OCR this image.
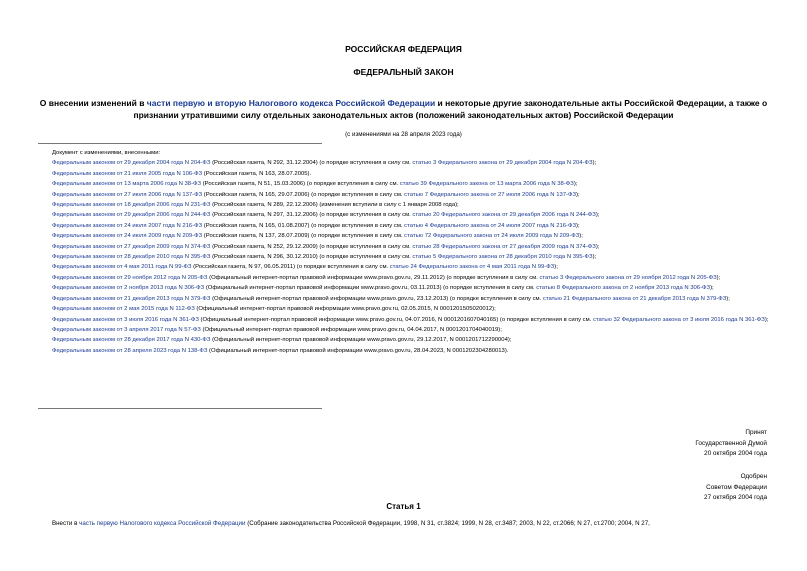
РОССИЙСКАЯ ФЕДЕРАЦИЯ
ФЕДЕРАЛЬНЫЙ ЗАКОН
О внесении изменений в части первую и вторую Налогового кодекса Российской Федерации и некоторые другие законодательные акты Российской Федерации, а также о признании утратившими силу отдельных законодательных актов (положений законодательных актов) Российской Федерации
(с изменениями на 28 апреля 2023 года)
Документ с изменениями, внесенными:
Федеральным законом от 29 декабря 2004 года N 204-ФЗ (Российская газета, N 292, 31.12.2004) (о порядке вступления в силу см. статью 3 Федерального закона от 29 декабря 2004 года N 204-ФЗ);
Федеральным законом от 21 июля 2005 года N 106-ФЗ (Российская газета, N 163, 28.07.2005).
Федеральным законом от 13 марта 2006 года N 38-ФЗ (Российская газета, N 51, 15.03.2006) (о порядке вступления в силу см. статью 39 Федерального закона от 13 марта 2006 года N 38-ФЗ);
Федеральным законом от 27 июля 2006 года N 137-ФЗ (Российская газета, N 165, 29.07.2006) (о порядке вступления в силу см. статью 7 Федерального закона от 27 июля 2006 года N 137-ФЗ);
Федеральным законом от 18 декабря 2006 года N 231-ФЗ (Российская газета, N 289, 22.12.2006) (изменения вступили в силу с 1 января 2008 года);
Федеральным законом от 29 декабря 2006 года N 244-ФЗ (Российская газета, N 297, 31.12.2006) (о порядке вступления в силу см. статью 20 Федерального закона от 29 декабря 2006 года N 244-ФЗ);
Федеральным законом от 24 июля 2007 года N 216-ФЗ (Российская газета, N 165, 01.08.2007) (о порядке вступления в силу см. статью 4 Федерального закона от 24 июля 2007 года N 216-ФЗ);
Федеральным законом от 24 июля 2009 года N 209-ФЗ (Российская газета, N 137, 28.07.2009) (о порядке вступления в силу см. статью 72 Федерального закона от 24 июля 2009 года N 209-ФЗ);
Федеральным законом от 27 декабря 2009 года N 374-ФЗ (Российская газета, N 252, 29.12.2009) (о порядке вступления в силу см. статью 28 Федерального закона от 27 декабря 2009 года N 374-ФЗ);
Федеральным законом от 28 декабря 2010 года N 395-ФЗ (Российская газета, N 296, 30.12.2010) (о порядке вступления в силу см. статью 5 Федерального закона от 28 декабря 2010 года N 395-ФЗ);
Федеральным законом от 4 мая 2011 года N 99-ФЗ (Российская газета, N 97, 06.05.2011) (о порядке вступления в силу см. статью 24 Федерального закона от 4 мая 2011 года N 99-ФЗ);
Федеральным законом от 29 ноября 2012 года N 205-ФЗ (Официальный интернет-портал правовой информации www.pravo.gov.ru, 29.11.2012) (о порядке вступления в силу см. статью 3 Федерального закона от 29 ноября 2012 года N 205-ФЗ);
Федеральным законом от 2 ноября 2013 года N 306-ФЗ (Официальный интернет-портал правовой информации www.pravo.gov.ru, 03.11.2013) (о порядке вступления в силу см. статью 8 Федерального закона от 2 ноября 2013 года N 306-ФЗ);
Федеральным законом от 21 декабря 2013 года N 379-ФЗ (Официальный интернет-портал правовой информации www.pravo.gov.ru, 23.12.2013) (о порядке вступления в силу см. статью 21 Федерального закона от 21 декабря 2013 года N 379-ФЗ);
Федеральным законом от 2 мая 2015 года N 112-ФЗ (Официальный интернет-портал правовой информации www.pravo.gov.ru, 02.05.2015, N 0001201505020012);
Федеральным законом от 3 июля 2016 года N 361-ФЗ (Официальный интернет-портал правовой информации www.pravo.gov.ru, 04.07.2016, N 0001201607040165) (о порядке вступления в силу см. статью 32 Федерального закона от 3 июля 2016 года N 361-ФЗ);
Федеральным законом от 3 апреля 2017 года N 57-ФЗ (Официальный интернет-портал правовой информации www.pravo.gov.ru, 04.04.2017, N 0001201704040019);
Федеральным законом от 28 декабря 2017 года N 430-ФЗ (Официальный интернет-портал правовой информации www.pravo.gov.ru, 29.12.2017, N 0001201712290004);
Федеральным законом от 28 апреля 2023 года N 138-ФЗ (Официальный интернет-портал правовой информации www.pravo.gov.ru, 28.04.2023, N 0001202304280013).
Принят
Государственной Думой
20 октября 2004 года
Одобрен
Советом Федерации
27 октября 2004 года
Статья 1
Внести в часть первую Налогового кодекса Российской Федерации (Собрание законодательства Российской Федерации, 1998, N 31, ст.3824; 1999, N 28, ст.3487; 2003, N 22, ст.2066; N 27, ст.2700; 2004, N 27,
